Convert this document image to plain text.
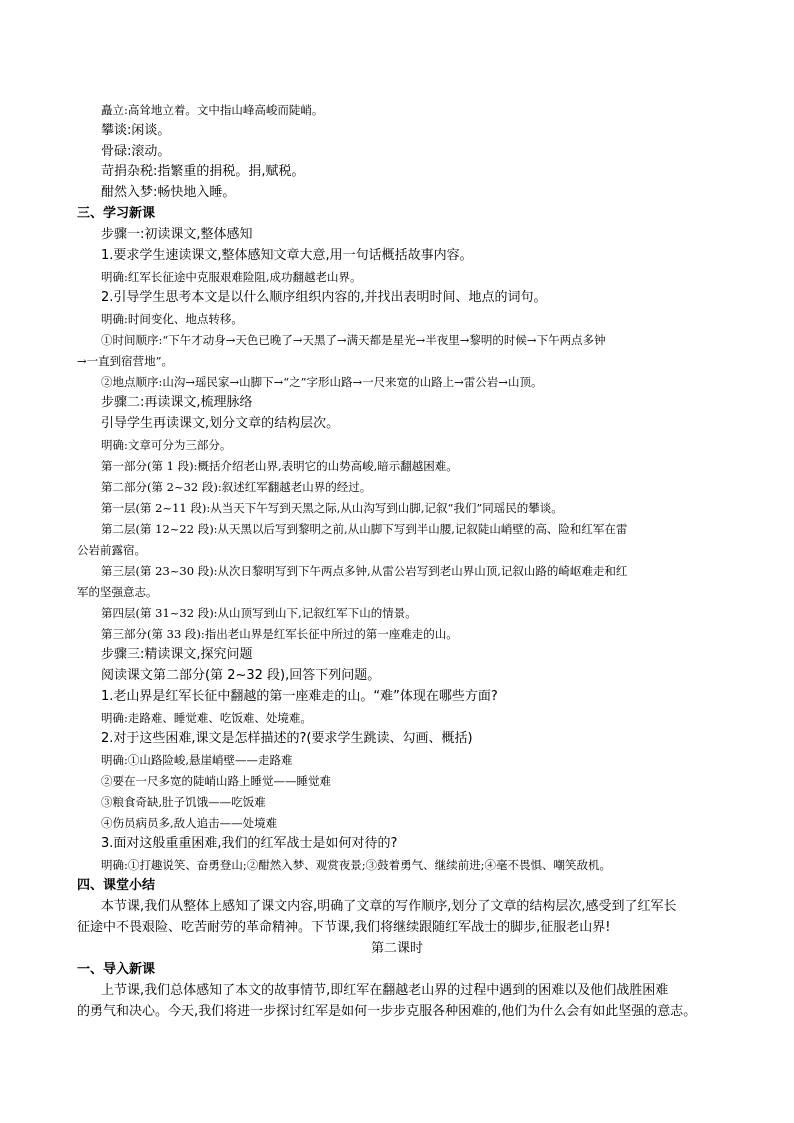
矗立:高耸地立着。文中指山峰高峻而陡峭。
攀谈:闲谈。
骨碌:滚动。
苛捐杂税:指繁重的捐税。捐,赋税。
酣然入梦:畅快地入睡。
三、学习新课
步骤一:初读课文,整体感知
1.要求学生速读课文,整体感知文章大意,用一句话概括故事内容。
明确:红军长征途中克服艰难险阻,成功翻越老山界。
2.引导学生思考本文是以什么顺序组织内容的,并找出表明时间、地点的词句。
明确:时间变化、地点转移。
①时间顺序:“下午才动身→天色已晚了→天黑了→满天都是星光→半夜里→黎明的时候→下午两点多钟
→一直到宿营地”。
②地点顺序:山沟→瑶民家→山脚下→“之”字形山路→一尺来宽的山路上→雷公岩→山顶。
步骤二:再读课文,梳理脉络
引导学生再读课文,划分文章的结构层次。
明确:文章可分为三部分。
第一部分(第 1 段):概括介绍老山界,表明它的山势高峻,暗示翻越困难。
第二部分(第 2~32 段):叙述红军翻越老山界的经过。
第一层(第 2~11 段):从当天下午写到天黑之际,从山沟写到山脚,记叙“我们”同瑶民的攀谈。
第二层(第 12~22 段):从天黑以后写到黎明之前,从山脚下写到半山腰,记叙陡山峭壁的高、险和红军在雷
公岩前露宿。
第三层(第 23~30 段):从次日黎明写到下午两点多钟,从雷公岩写到老山界山顶,记叙山路的崎岖难走和红
军的坚强意志。
第四层(第 31~32 段):从山顶写到山下,记叙红军下山的情景。
第三部分(第 33 段):指出老山界是红军长征中所过的第一座难走的山。
步骤三:精读课文,探究问题
阅读课文第二部分(第 2~32 段),回答下列问题。
1.老山界是红军长征中翻越的第一座难走的山。“难”体现在哪些方面?
明确:走路难、睡觉难、吃饭难、处境难。
2.对于这些困难,课文是怎样描述的?(要求学生跳读、勾画、概括)
明确:①山路险峻,悬崖峭壁——走路难
②要在一尺多宽的陡峭山路上睡觉——睡觉难
③粮食奇缺,肚子饥饿——吃饭难
④伤员病员多,敌人追击——处境难
3.面对这般重重困难,我们的红军战士是如何对待的?
明确:①打趣说笑、奋勇登山;②酣然入梦、观赏夜景;③鼓着勇气、继续前进;④毫不畏惧、嘲笑敌机。
四、课堂小结
本节课,我们从整体上感知了课文内容,明确了文章的写作顺序,划分了文章的结构层次,感受到了红军长
征途中不畏艰险、吃苦耐劳的革命精神。下节课,我们将继续跟随红军战士的脚步,征服老山界!
第二课时
一、导入新课
上节课,我们总体感知了本文的故事情节,即红军在翻越老山界的过程中遇到的困难以及他们战胜困难
的勇气和决心。今天,我们将进一步探讨红军是如何一步步克服各种困难的,他们为什么会有如此坚强的意志。
